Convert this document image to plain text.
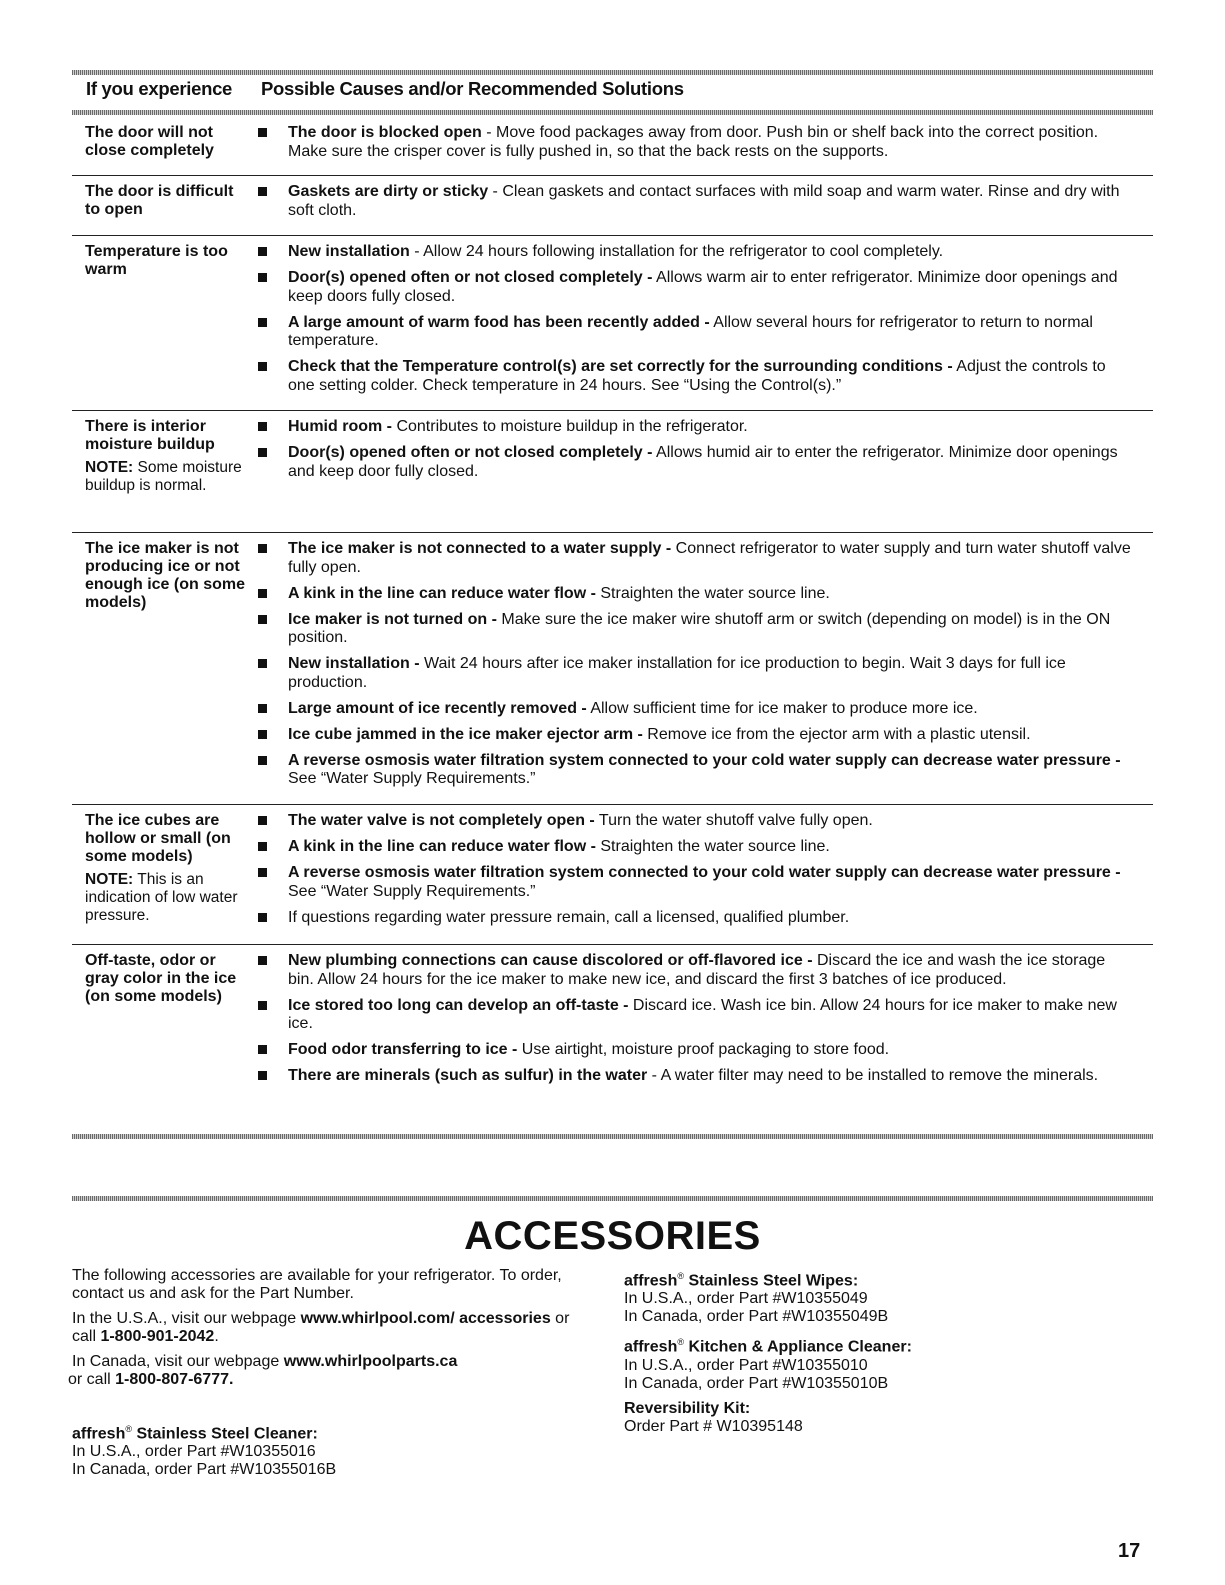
If you experience Possible Causes and/or Recommended Solutions
The door will not close completely
The door is blocked open - Move food packages away from door. Push bin or shelf back into the correct position. Make sure the crisper cover is fully pushed in, so that the back rests on the supports.
The door is difficult to open
Gaskets are dirty or sticky - Clean gaskets and contact surfaces with mild soap and warm water. Rinse and dry with soft cloth.
Temperature is too warm
New installation - Allow 24 hours following installation for the refrigerator to cool completely.
Door(s) opened often or not closed completely - Allows warm air to enter refrigerator. Minimize door openings and keep doors fully closed.
A large amount of warm food has been recently added - Allow several hours for refrigerator to return to normal temperature.
Check that the Temperature control(s) are set correctly for the surrounding conditions - Adjust the controls to one setting colder. Check temperature in 24 hours. See “Using the Control(s).”
There is interior moisture buildup
NOTE: Some moisture buildup is normal.
Humid room - Contributes to moisture buildup in the refrigerator.
Door(s) opened often or not closed completely - Allows humid air to enter the refrigerator. Minimize door openings and keep door fully closed.
The ice maker is not producing ice or not enough ice (on some models)
The ice maker is not connected to a water supply - Connect refrigerator to water supply and turn water shutoff valve fully open.
A kink in the line can reduce water flow - Straighten the water source line.
Ice maker is not turned on - Make sure the ice maker wire shutoff arm or switch (depending on model) is in the ON position.
New installation - Wait 24 hours after ice maker installation for ice production to begin. Wait 3 days for full ice production.
Large amount of ice recently removed - Allow sufficient time for ice maker to produce more ice.
Ice cube jammed in the ice maker ejector arm - Remove ice from the ejector arm with a plastic utensil.
A reverse osmosis water filtration system connected to your cold water supply can decrease water pressure - See “Water Supply Requirements.”
The ice cubes are hollow or small (on some models)
NOTE: This is an indication of low water pressure.
The water valve is not completely open - Turn the water shutoff valve fully open.
A kink in the line can reduce water flow - Straighten the water source line.
A reverse osmosis water filtration system connected to your cold water supply can decrease water pressure - See “Water Supply Requirements.”
If questions regarding water pressure remain, call a licensed, qualified plumber.
Off-taste, odor or gray color in the ice (on some models)
New plumbing connections can cause discolored or off-flavored ice - Discard the ice and wash the ice storage bin. Allow 24 hours for the ice maker to make new ice, and discard the first 3 batches of ice produced.
Ice stored too long can develop an off-taste - Discard ice. Wash ice bin. Allow 24 hours for ice maker to make new ice.
Food odor transferring to ice - Use airtight, moisture proof packaging to store food.
There are minerals (such as sulfur) in the water - A water filter may need to be installed to remove the minerals.
ACCESSORIES

The following accessories are available for your refrigerator. To order, contact us and ask for the Part Number.

In the U.S.A., visit our webpage www.whirlpool.com/ accessories or call 1-800-901-2042.

In Canada, visit our webpage www.whirlpoolparts.ca
or call 1-800-807-6777.

affresh® Stainless Steel Cleaner:
In U.S.A., order Part #W10355016
In Canada, order Part #W10355016B
affresh® Stainless Steel Wipes:
In U.S.A., order Part #W10355049
In Canada, order Part #W10355049B
affresh® Kitchen & Appliance Cleaner:
In U.S.A., order Part #W10355010
In Canada, order Part #W10355010B
Reversibility Kit:
Order Part # W10395148
17
